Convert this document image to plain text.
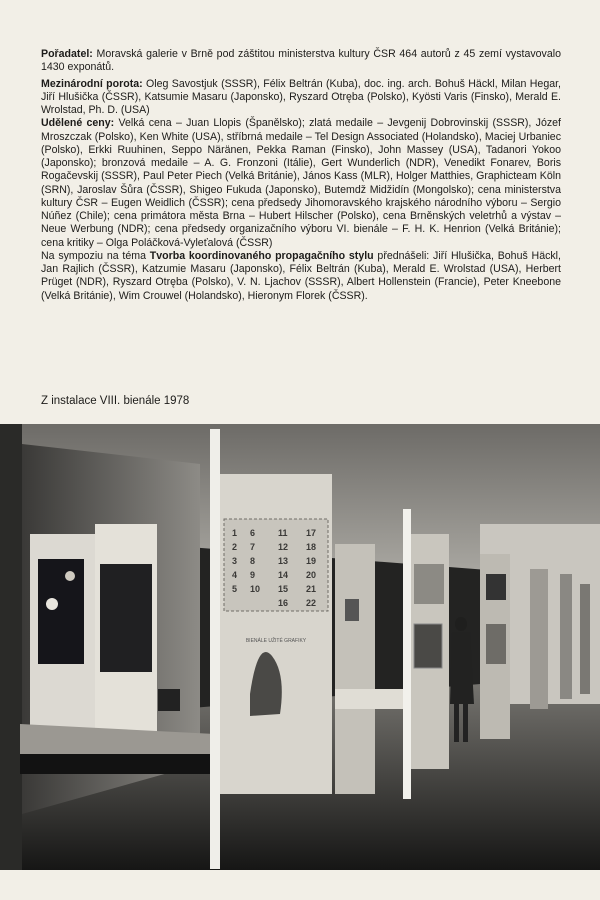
Pořadatel: Moravská galerie v Brně pod záštitou ministerstva kultury ČSR 464 autorů z 45 zemí vystavovalo 1430 exponátů.

Mezinárodní porota: Oleg Savostjuk (SSSR), Félix Beltrán (Kuba), doc. ing. arch. Bohuš Häckl, Milan Hegar, Jiří Hlušička (ČSSR), Katsumie Masaru (Japonsko), Ryszard Otręba (Polsko), Kyösti Varis (Finsko), Merald E. Wrolstad, Ph. D. (USA)

Udělené ceny: Velká cena – Juan Llopis (Španělsko); zlatá medaile – Jevgenij Dobrovinskij (SSSR), Józef Mroszczak (Polsko), Ken White (USA), stříbrná medaile – Tel Design Associated (Holandsko), Maciej Urbaniec (Polsko), Erkki Ruuhinen, Seppo Näränen, Pekka Raman (Finsko), John Massey (USA), Tadanori Yokoo (Japonsko); bronzová medaile – A. G. Fronzoni (Itálie), Gert Wunderlich (NDR), Venedikt Fonarev, Boris Rogačevskij (SSSR), Paul Peter Piech (Velká Británie), János Kass (MLR), Holger Matthies, Graphicteam Köln (SRN), Jaroslav Šůra (ČSSR), Shigeo Fukuda (Japonsko), Butemdž Midžidín (Mongolsko); cena ministerstva kultury ČSR – Eugen Weidlich (ČSSR); cena předsedy Jihomoravského krajského národního výboru – Sergio Núñez (Chile); cena primátora města Brna – Hubert Hilscher (Polsko), cena Brněnských veletrhů a výstav – Neue Werbung (NDR); cena předsedy organizačního výboru VI. bienále – F. H. K. Henrion (Velká Británie); cena kritiky – Olga Poláčková-Vyleťalová (ČSSR)

Na sympoziu na téma Tvorba koordinovaného propagačního stylu přednášeli: Jiří Hlušička, Bohuš Häckl, Jan Rajlich (ČSSR), Katzumie Masaru (Japonsko), Félix Beltrán (Kuba), Merald E. Wrolstad (USA), Herbert Prüget (NDR), Ryszard Otręba (Polsko), V. N. Ljachov (SSSR), Albert Hollenstein (Francie), Peter Kneebone (Velká Británie), Wim Crouwel (Holandsko), Hieronym Florek (ČSSR).

Z instalace VIII. bienále 1978
1
2
3
4
5
6
7
8
9
10
11
12
13
14
15
16
17
18
19
20
21
22
BIENÁLE UŽITÉ GRAFIKY
